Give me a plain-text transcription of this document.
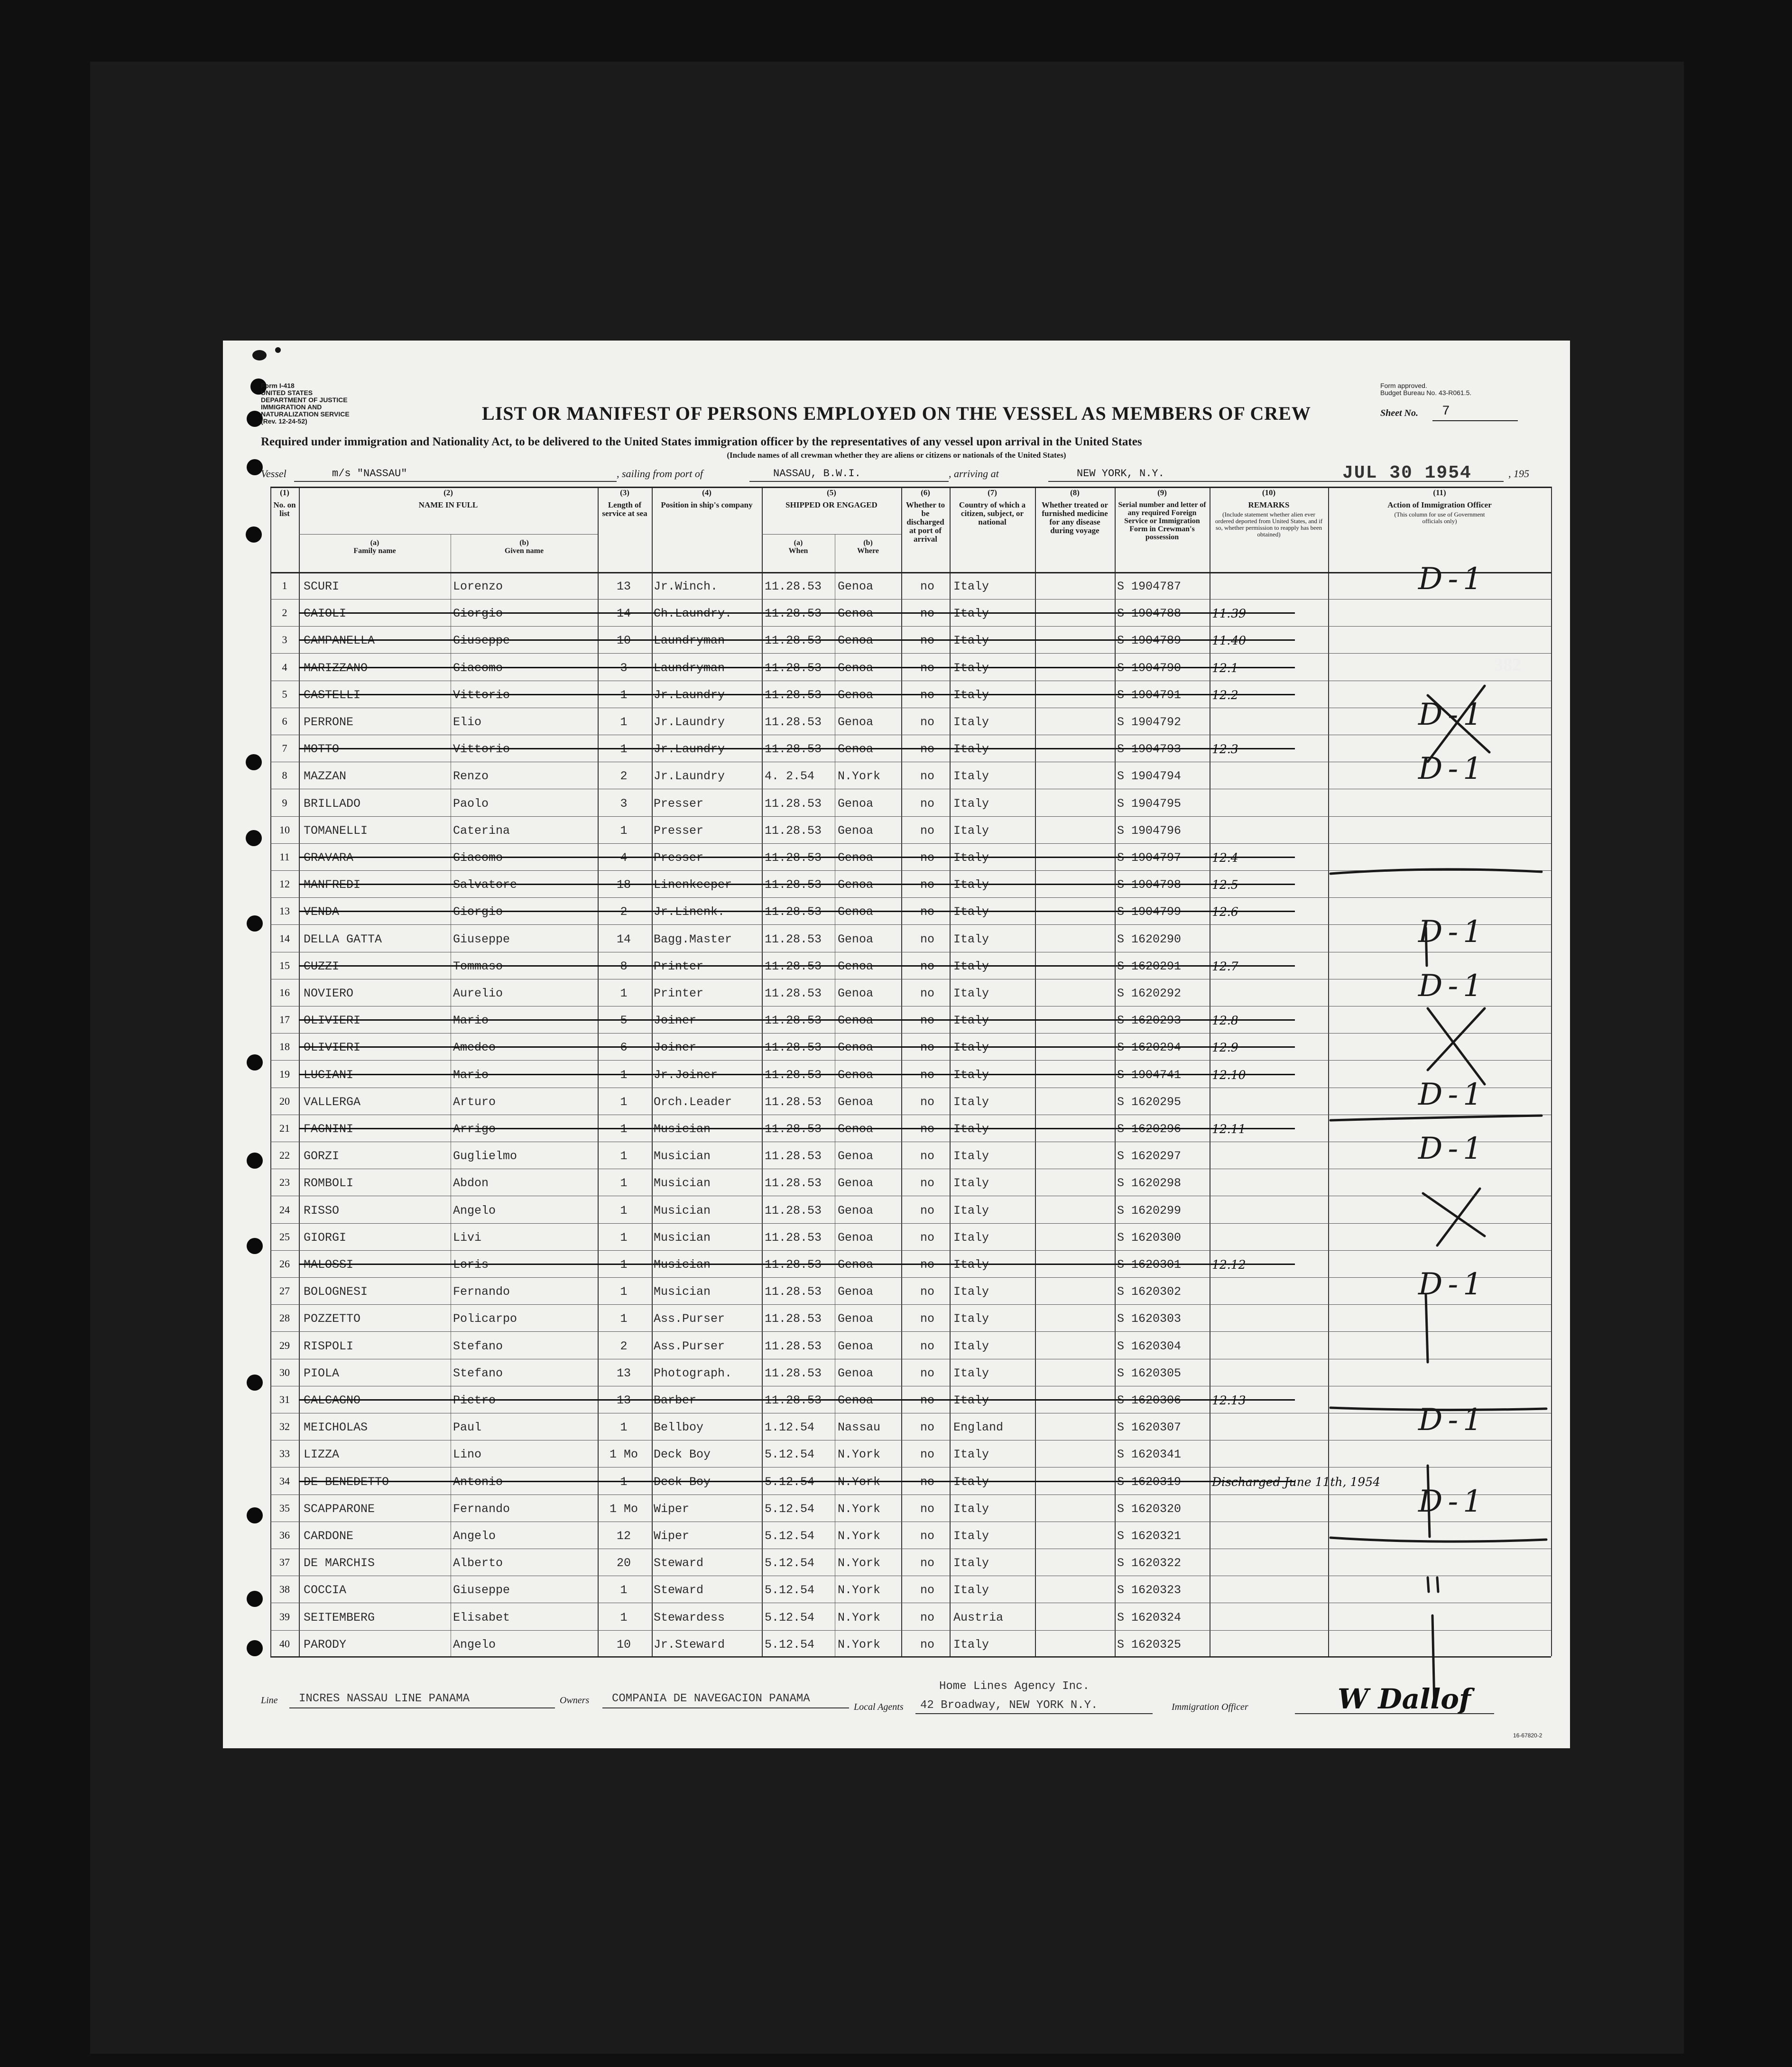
Form I-418
UNITED STATES DEPARTMENT OF JUSTICE
IMMIGRATION AND NATURALIZATION SERVICE
(Rev. 12-24-52)
Form approved.
Budget Bureau No. 43-R061.5.
LIST OR MANIFEST OF PERSONS EMPLOYED ON THE VESSEL AS MEMBERS OF CREW	Sheet No. 7
Required under immigration and Nationality Act, to be delivered to the United States immigration officer by the representatives of any vessel upon arrival in the United States
(Include names of all crewman whether they are aliens or citizens or nationals of the United States)
Vessel	m/s "NASSAU"	, sailing from port of	NASSAU, B.W.I.	, arriving at	NEW YORK, N.Y.	JUL 30 1954	, 195
(1)
No. on list
(2)
NAME IN FULL
(a)
Family name
(b)
Given name
(3)
Length of service at sea
(4)
Position in ship's company
(5)
SHIPPED OR ENGAGED
(a)
When
(b)
Where
(6)
Whether to be discharged at port of arrival
(7)
Country of which a citizen, subject, or national
(8)
Whether treated or furnished medicine for any disease during voyage
(9)
Serial number and letter of any required Foreign Service or Immigration Form in Crewman's possession
(10)
REMARKS
(Include statement whether alien ever ordered deported from United States, and if so, whether permission to reapply has been obtained)
(11)
Action of Immigration Officer
(This column for use of Government officials only)
1	SCURI	Lorenzo	13	Jr.Winch.	11.28.53	Genoa	no	Italy	S 1904787
2	CAIOLI	Giorgio	14	Ch.Laundry.	11.28.53	Genoa	no	Italy	S 1904788	11:39
3	CAMPANELLA	Giuseppe	10	Laundryman	11.28.53	Genoa	no	Italy	S 1904789	11:40
4	MARIZZANO	Giacomo	3	Laundryman	11.28.53	Genoa	no	Italy	S 1904790	12.1
5	CASTELLI	Vittorio	1	Jr.Laundry	11.28.53	Genoa	no	Italy	S 1904791	12.2
6	PERRONE	Elio	1	Jr.Laundry	11.28.53	Genoa	no	Italy	S 1904792
7	MOTTO	Vittorio	1	Jr.Laundry	11.28.53	Genoa	no	Italy	S 1904793	12.3
8	MAZZAN	Renzo	2	Jr.Laundry	4. 2.54	N.York	no	Italy	S 1904794
9	BRILLADO	Paolo	3	Presser	11.28.53	Genoa	no	Italy	S 1904795
10	TOMANELLI	Caterina	1	Presser	11.28.53	Genoa	no	Italy	S 1904796
11	GRAVARA	Giacomo	4	Presser	11.28.53	Genoa	no	Italy	S 1904797	12.4
12	MANFREDI	Salvatore	18	Linenkeeper	11.28.53	Genoa	no	Italy	S 1904798	12.5
13	VENDA	Giorgio	2	Jr.Linenk.	11.28.53	Genoa	no	Italy	S 1904799	12.6
14	DELLA GATTA	Giuseppe	14	Bagg.Master	11.28.53	Genoa	no	Italy	S 1620290
15	CUZZI	Tommaso	8	Printer	11.28.53	Genoa	no	Italy	S 1620291	12.7
16	NOVIERO	Aurelio	1	Printer	11.28.53	Genoa	no	Italy	S 1620292
17	OLIVIERI	Mario	5	Joiner	11.28.53	Genoa	no	Italy	S 1620293	12.8
18	OLIVIERI	Amedeo	6	Joiner	11.28.53	Genoa	no	Italy	S 1620294	12.9
19	LUCIANI	Mario	1	Jr.Joiner	11.28.53	Genoa	no	Italy	S 1904741	12.10
20	VALLERGA	Arturo	1	Orch.Leader	11.28.53	Genoa	no	Italy	S 1620295
21	FAGNINI	Arrigo	1	Musician	11.28.53	Genoa	no	Italy	S 1620296	12.11
22	GORZI	Guglielmo	1	Musician	11.28.53	Genoa	no	Italy	S 1620297
23	ROMBOLI	Abdon	1	Musician	11.28.53	Genoa	no	Italy	S 1620298
24	RISSO	Angelo	1	Musician	11.28.53	Genoa	no	Italy	S 1620299
25	GIORGI	Livi	1	Musician	11.28.53	Genoa	no	Italy	S 1620300
26	MALOSSI	Loris	1	Musician	11.28.53	Genoa	no	Italy	S 1620301	12.12
27	BOLOGNESI	Fernando	1	Musician	11.28.53	Genoa	no	Italy	S 1620302
28	POZZETTO	Policarpo	1	Ass.Purser	11.28.53	Genoa	no	Italy	S 1620303
29	RISPOLI	Stefano	2	Ass.Purser	11.28.53	Genoa	no	Italy	S 1620304
30	PIOLA	Stefano	13	Photograph.	11.28.53	Genoa	no	Italy	S 1620305
31	CALCAGNO	Pietro	13	Barber	11.28.53	Genoa	no	Italy	S 1620306	12.13
32	MEICHOLAS	Paul	1	Bellboy	1.12.54	Nassau	no	England	S 1620307
33	LIZZA	Lino	1 Mo	Deck Boy	5.12.54	N.York	no	Italy	S 1620341
34	DE BENEDETTO	Antonio	1	Deck Boy	5.12.54	N.York	no	Italy	S 1620319	Discharged June 11th, 1954
35	SCAPPARONE	Fernando	1 Mo	Wiper	5.12.54	N.York	no	Italy	S 1620320
36	CARDONE	Angelo	12	Wiper	5.12.54	N.York	no	Italy	S 1620321
37	DE MARCHIS	Alberto	20	Steward	5.12.54	N.York	no	Italy	S 1620322
38	COCCIA	Giuseppe	1	Steward	5.12.54	N.York	no	Italy	S 1620323
39	SEITEMBERG	Elisabet	1	Stewardess	5.12.54	N.York	no	Austria	S 1620324
40	PARODY	Angelo	10	Jr.Steward	5.12.54	N.York	no	Italy	S 1620325
D-1
D-1
D-1
D-1
D-1
D-1
D-1
D-1
D-1
D-1
Line INCRES NASSAU LINE PANAMA	Owners COMPANIA DE NAVEGACION PANAMA
Local Agents
Home Lines Agency Inc.
42 Broadway, NEW YORK N.Y.	Immigration Officer	W Dallof
16-67820-2
382
